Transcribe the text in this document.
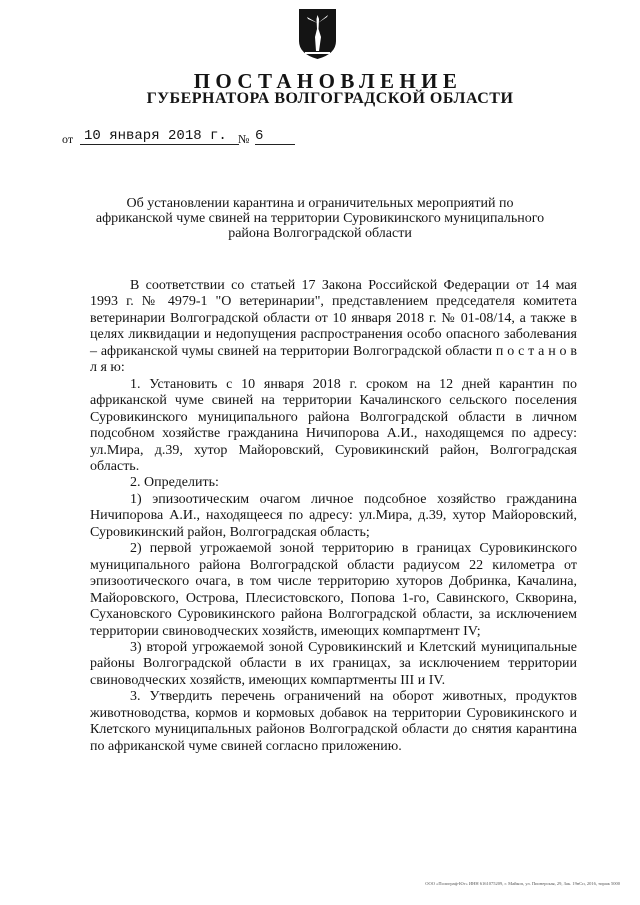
ПОСТАНОВЛЕНИЕ
ГУБЕРНАТОРА ВОЛГОГРАДСКОЙ ОБЛАСТИ
от 10 января 2018 г. № 6
Об установлении карантина и ограничительных мероприятий по африканской чуме свиней на территории Суровикинского муниципального района Волгоградской области

В соответствии со статьей 17 Закона Российской Федерации от 14 мая 1993 г. № 4979-1 "О ветеринарии", представлением председателя комитета ветеринарии Волгоградской области от 10 января 2018 г. № 01-08/14, а также в целях ликвидации и недопущения распространения особо опасного заболевания – африканской чумы свиней на территории Волгоградской области п о с т а н о в л я ю:

1. Установить с 10 января 2018 г. сроком на 12 дней карантин по африканской чуме свиней на территории Качалинского сельского поселения Суровикинского муниципального района Волгоградской области в личном подсобном хозяйстве гражданина Ничипорова А.И., находящемся по адресу: ул.Мира, д.39, хутор Майоровский, Суровикинский район, Волгоградская область.

2. Определить:

1) эпизоотическим очагом личное подсобное хозяйство гражданина Ничипорова А.И., находящееся по адресу: ул.Мира, д.39, хутор Майоровский, Суровикинский район, Волгоградская область;

2) первой угрожаемой зоной территорию в границах Суровикинского муниципального района Волгоградской области радиусом 22 километра от эпизоотического очага, в том числе территорию хуторов Добринка, Качалина, Майоровского, Острова, Плесистовского, Попова 1-го, Савинского, Скворина, Сухановского Суровикинского района Волгоградской области, за исключением территории свиноводческих хозяйств, имеющих компартмент IV;

3) второй угрожаемой зоной Суровикинский и Клетский муниципальные районы Волгоградской области в их границах, за исключением территории свиноводческих хозяйств, имеющих компартменты III и IV.

3. Утвердить перечень ограничений на оборот животных, продуктов животноводства, кормов и кормовых добавок на территории Суровикинского и Клетского муниципальных районов Волгоградской области до снятия карантина по африканской чуме свиней согласно приложению.

ООО «Полиграф-Юг» ИНН 6161075209, г. Майкоп, ул. Пионерская, 29, Зак. 19нСп, 2016, тираж 5000
